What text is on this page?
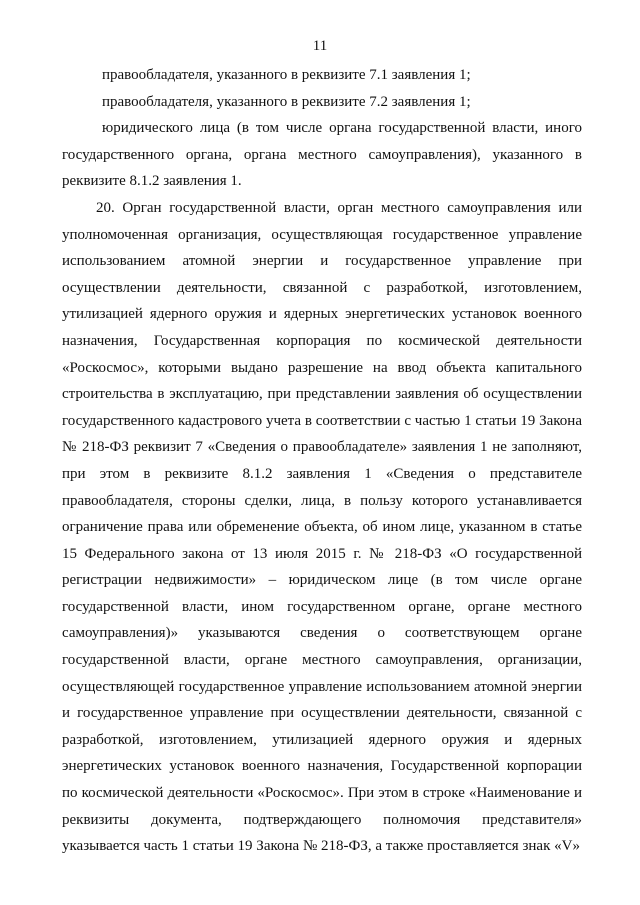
11

правообладателя, указанного в реквизите 7.1 заявления 1;

правообладателя, указанного в реквизите 7.2 заявления 1;

юридического лица (в том числе органа государственной власти, иного государственного органа, органа местного самоуправления), указанного в реквизите 8.1.2 заявления 1.

20. Орган государственной власти, орган местного самоуправления или уполномоченная организация, осуществляющая государственное управление использованием атомной энергии и государственное управление при осуществлении деятельности, связанной с разработкой, изготовлением, утилизацией ядерного оружия и ядерных энергетических установок военного назначения, Государственная корпорация по космической деятельности «Роскосмос», которыми выдано разрешение на ввод объекта капитального строительства в эксплуатацию, при представлении заявления об осуществлении государственного кадастрового учета в соответствии с частью 1 статьи 19 Закона № 218-ФЗ реквизит 7 «Сведения о правообладателе» заявления 1 не заполняют, при этом в реквизите 8.1.2 заявления 1 «Сведения о представителе правообладателя, стороны сделки, лица, в пользу которого устанавливается ограничение права или обременение объекта, об ином лице, указанном в статье 15 Федерального закона от 13 июля 2015 г. № 218-ФЗ «О государственной регистрации недвижимости» – юридическом лице (в том числе органе государственной власти, ином государственном органе, органе местного самоуправления)» указываются сведения о соответствующем органе государственной власти, органе местного самоуправления, организации, осуществляющей государственное управление использованием атомной энергии и государственное управление при осуществлении деятельности, связанной с разработкой, изготовлением, утилизацией ядерного оружия и ядерных энергетических установок военного назначения, Государственной корпорации по космической деятельности «Роскосмос». При этом в строке «Наименование и реквизиты документа, подтверждающего полномочия представителя» указывается часть 1 статьи 19 Закона № 218-ФЗ, а также проставляется знак «V»
